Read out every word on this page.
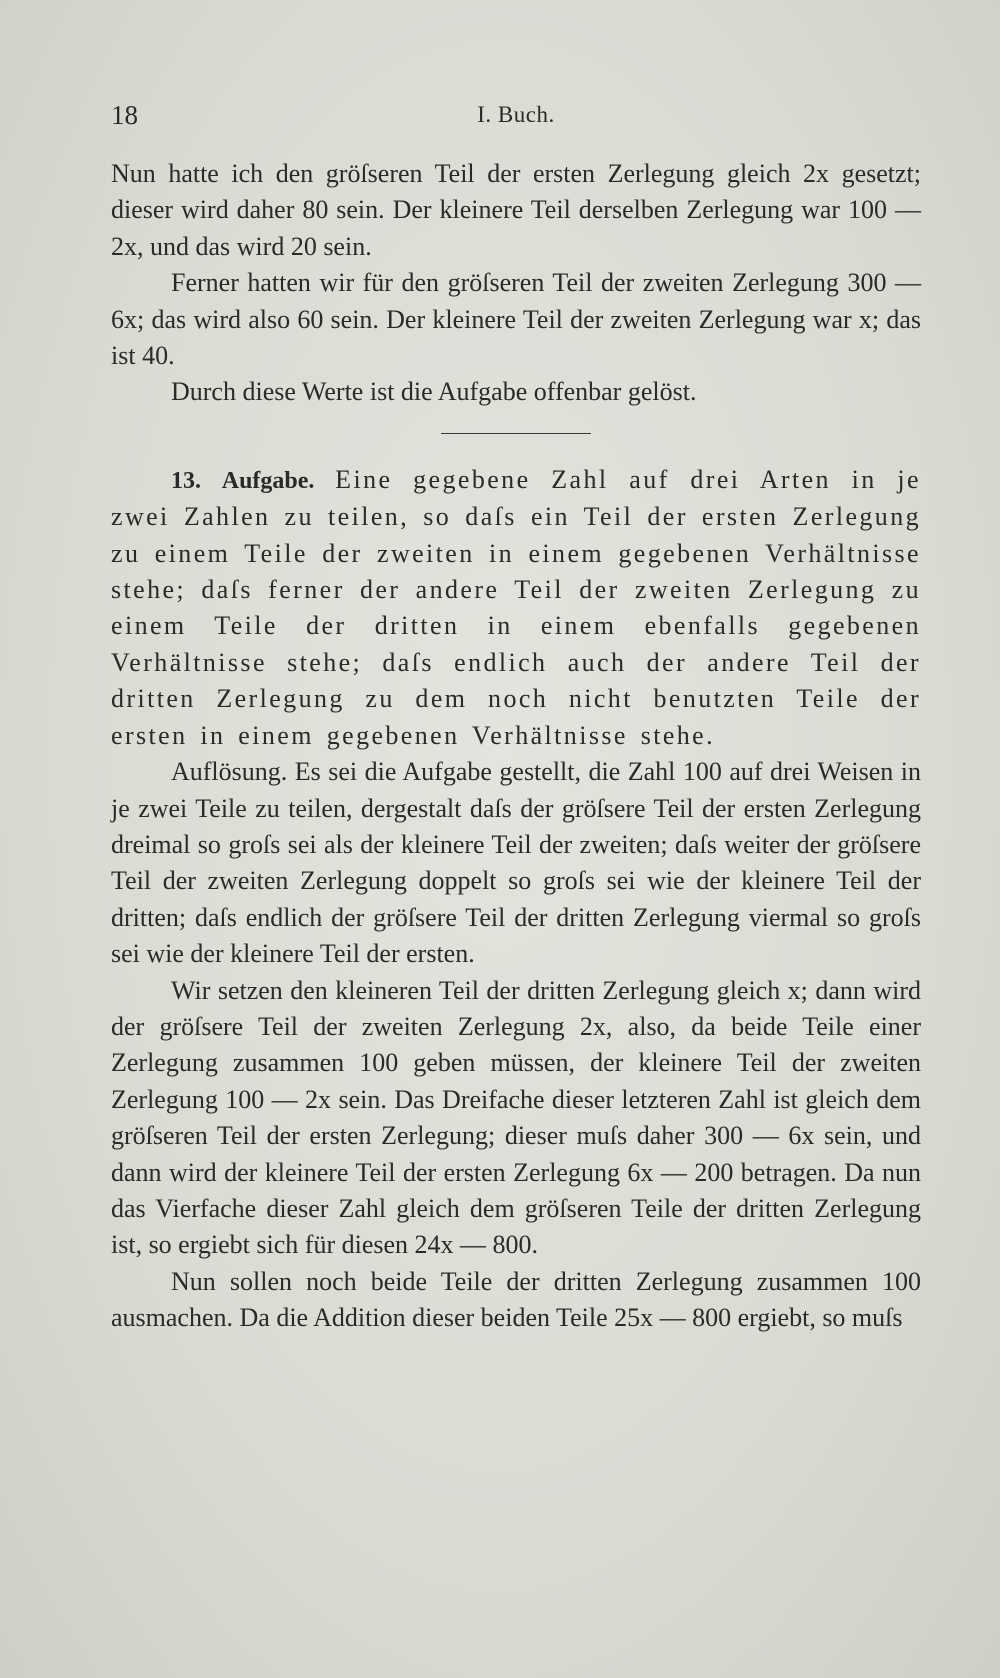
18	I. Buch.

Nun hatte ich den gröſseren Teil der ersten Zerlegung gleich 2x gesetzt; dieser wird daher 80 sein. Der kleinere Teil derselben Zerlegung war 100 — 2x, und das wird 20 sein.

Ferner hatten wir für den gröſseren Teil der zweiten Zerlegung 300 — 6x; das wird also 60 sein. Der kleinere Teil der zweiten Zerlegung war x; das ist 40.

Durch diese Werte ist die Aufgabe offenbar gelöst.

13. Aufgabe. Eine gegebene Zahl auf drei Arten in je zwei Zahlen zu teilen, so daſs ein Teil der ersten Zerlegung zu einem Teile der zweiten in einem gegebenen Verhältnisse stehe; daſs ferner der andere Teil der zweiten Zerlegung zu einem Teile der dritten in einem ebenfalls gegebenen Verhältnisse stehe; daſs endlich auch der andere Teil der dritten Zerlegung zu dem noch nicht benutzten Teile der ersten in einem gegebenen Verhältnisse stehe.

Auflösung. Es sei die Aufgabe gestellt, die Zahl 100 auf drei Weisen in je zwei Teile zu teilen, dergestalt daſs der gröſsere Teil der ersten Zerlegung dreimal so groſs sei als der kleinere Teil der zweiten; daſs weiter der gröſsere Teil der zweiten Zerlegung doppelt so groſs sei wie der kleinere Teil der dritten; daſs endlich der gröſsere Teil der dritten Zerlegung viermal so groſs sei wie der kleinere Teil der ersten.

Wir setzen den kleineren Teil der dritten Zerlegung gleich x; dann wird der gröſsere Teil der zweiten Zerlegung 2x, also, da beide Teile einer Zerlegung zusammen 100 geben müssen, der kleinere Teil der zweiten Zerlegung 100 — 2x sein. Das Dreifache dieser letzteren Zahl ist gleich dem gröſseren Teil der ersten Zerlegung; dieser muſs daher 300 — 6x sein, und dann wird der kleinere Teil der ersten Zerlegung 6x — 200 betragen. Da nun das Vierfache dieser Zahl gleich dem gröſseren Teile der dritten Zerlegung ist, so ergiebt sich für diesen 24x — 800.

Nun sollen noch beide Teile der dritten Zerlegung zusammen 100 ausmachen. Da die Addition dieser beiden Teile 25x — 800 ergiebt, so muſs
